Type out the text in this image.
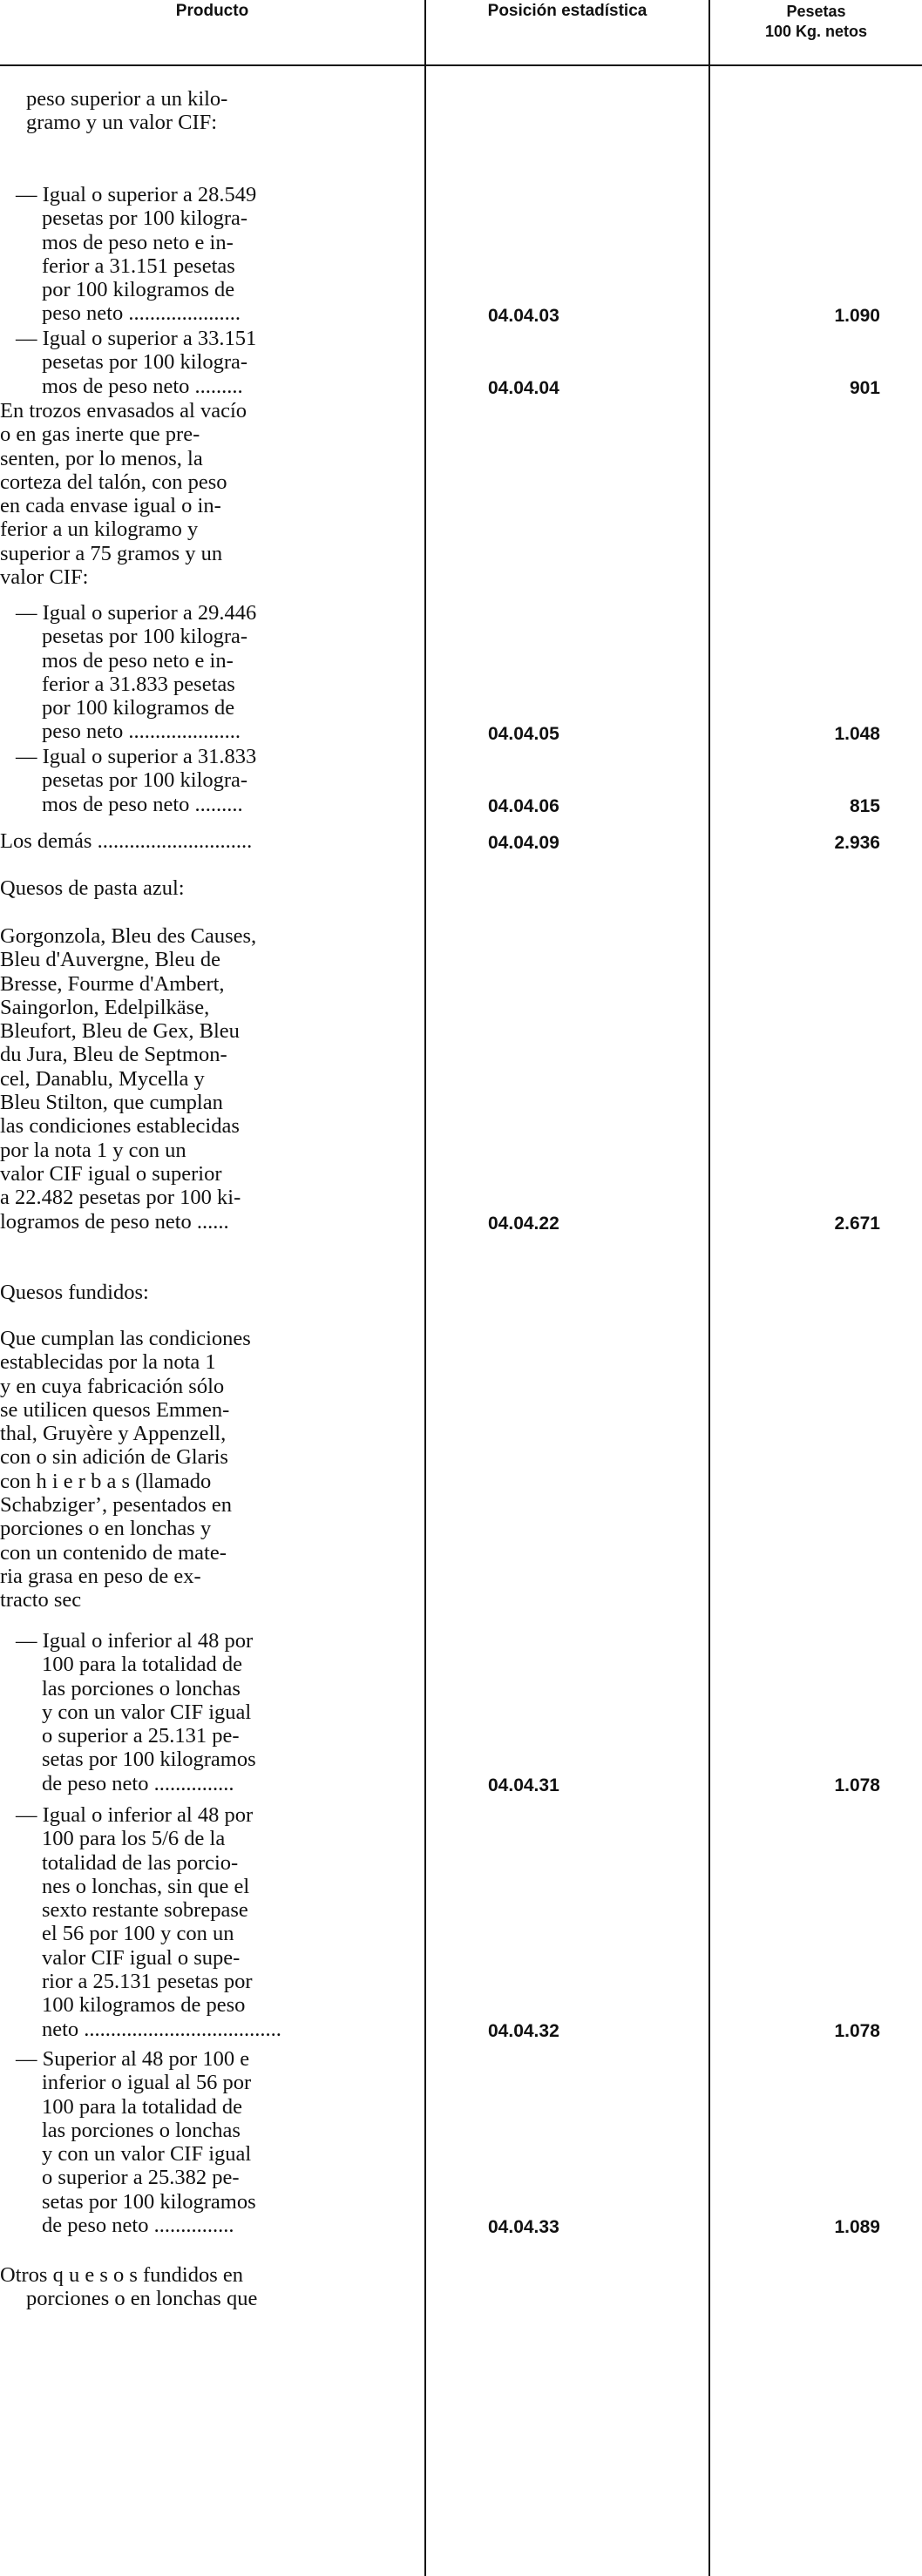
Producto	Posición estadística	Pesetas
100 Kg. netos
peso superior a un kilo-
gramo y un valor CIF:
— Igual o superior a 28.549
pesetas por 100 kilogra-
mos de peso neto e in-
ferior a 31.151 pesetas
por 100 kilogramos de
peso neto .....................	04.04.03	1.090
— Igual o superior a 33.151
pesetas por 100 kilogra-
mos de peso neto .........	04.04.04	901
En trozos envasados al vacío
o en gas inerte que pre-
senten, por lo menos, la
corteza del talón, con peso
en cada envase igual o in-
ferior a un kilogramo y
superior a 75 gramos y un
valor CIF:
— Igual o superior a 29.446
pesetas por 100 kilogra-
mos de peso neto e in-
ferior a 31.833 pesetas
por 100 kilogramos de
peso neto .....................	04.04.05	1.048
— Igual o superior a 31.833
pesetas por 100 kilogra-
mos de peso neto .........	04.04.06	815
Los demás .............................	04.04.09	2.936
Quesos de pasta azul:
Gorgonzola, Bleu des Causes,
Bleu d'Auvergne, Bleu de
Bresse, Fourme d'Ambert,
Saingorlon, Edelpilkäse,
Bleufort, Bleu de Gex, Bleu
du Jura, Bleu de Septmon-
cel, Danablu, Mycella y
Bleu Stilton, que cumplan
las condiciones establecidas
por la nota 1 y con un
valor CIF igual o superior
a 22.482 pesetas por 100 ki-
logramos de peso neto ......	04.04.22	2.671
Quesos fundidos:
Que cumplan las condiciones
establecidas por la nota 1
y en cuya fabricación sólo
se utilicen quesos Emmen-
thal, Gruyère y Appenzell,
con o sin adición de Glaris
con h i e r b a s (llamado
Schabzigerʼ, pesentados en
porciones o en lonchas y
con un contenido de mate-
ria grasa en peso de ex-
tracto sec
— Igual o inferior al 48 por
100 para la totalidad de
las porciones o lonchas
y con un valor CIF igual
o superior a 25.131 pe-
setas por 100 kilogramos
de peso neto ...............	04.04.31	1.078
— Igual o inferior al 48 por
100 para los 5/6 de la
totalidad de las porcio-
nes o lonchas, sin que el
sexto restante sobrepase
el 56 por 100 y con un
valor CIF igual o supe-
rior a 25.131 pesetas por
100 kilogramos de peso
neto .....................................	04.04.32	1.078
— Superior al 48 por 100 e
inferior o igual al 56 por
100 para la totalidad de
las porciones o lonchas
y con un valor CIF igual
o superior a 25.382 pe-
setas por 100 kilogramos
de peso neto ...............	04.04.33	1.089
Otros q u e s o s fundidos en
porciones o en lonchas que
